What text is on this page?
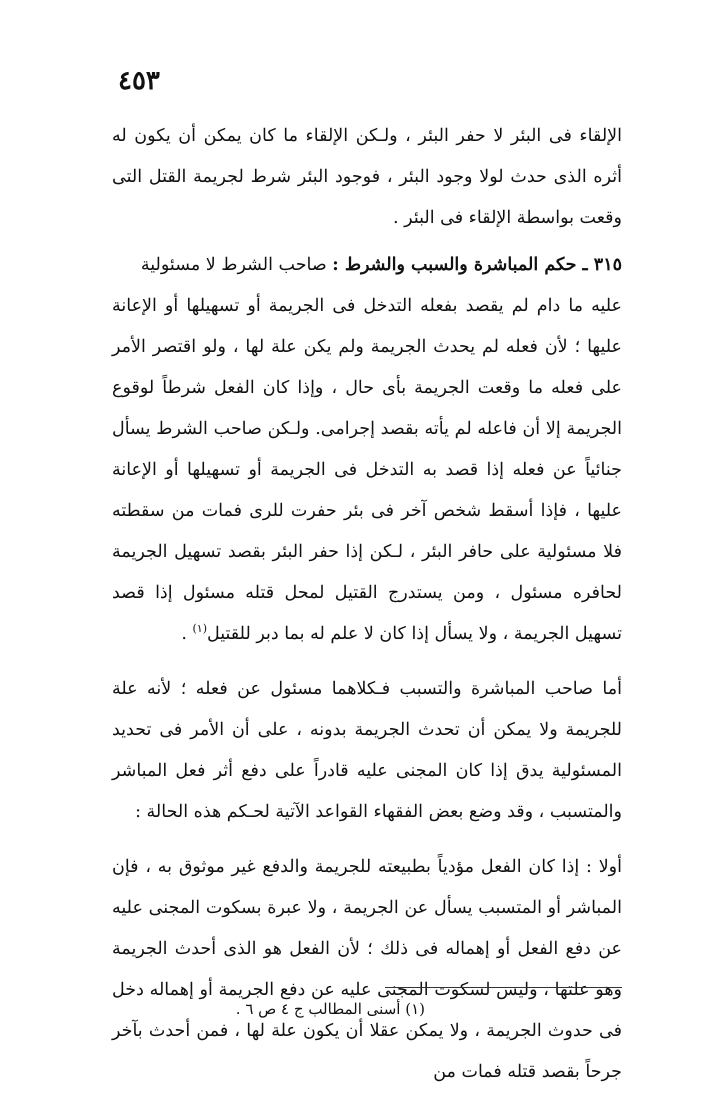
٤٥٣

الإلقاء فى البئر لا حفر البئر ، ولـكن الإلقاء ما كان يمكن أن يكون له أثره الذى حدث لولا وجود البئر ، فوجود البئر شرط لجريمة القتل التى وقعت بواسطة الإلقاء فى البئر .

٣١٥ ـ حكم المباشرة والسبب والشرط : صاحب الشرط لا مسئولية

عليه ما دام لم يقصد بفعله التدخل فى الجريمة أو تسهيلها أو الإعانة عليها ؛ لأن فعله لم يحدث الجريمة ولم يكن علة لها ، ولو اقتصر الأمر على فعله ما وقعت الجريمة بأى حال ، وإذا كان الفعل شرطاً لوقوع الجريمة إلا أن فاعله لم يأته بقصد إجرامى. ولـكن صاحب الشرط يسأل جنائياً عن فعله إذا قصد به التدخل فى الجريمة أو تسهيلها أو الإعانة عليها ، فإذا أسقط شخص آخر فى بئر حفرت للرى فمات من سقطته فلا مسئولية على حافر البئر ، لـكن إذا حفر البئر بقصد تسهيل الجريمة لحافره مسئول ، ومن يستدرج القتيل لمحل قتله مسئول إذا قصد تسهيل الجريمة ، ولا يسأل إذا كان لا علم له بما دبر للقتيل$^{(١)}$ .

أما صاحب المباشرة والتسبب فـكلاهما مسئول عن فعله ؛ لأنه علة للجريمة ولا يمكن أن تحدث الجريمة بدونه ، على أن الأمر فى تحديد المسئولية يدق إذا كان المجنى عليه قادراً على دفع أثر فعل المباشر والمتسبب ، وقد وضع بعض الفقهاء القواعد الآتية لحـكم هذه الحالة :

أولا : إذا كان الفعل مؤدياً بطبيعته للجريمة والدفع غير موثوق به ، فإن المباشر أو المتسبب يسأل عن الجريمة ، ولا عبرة بسكوت المجنى عليه عن دفع الفعل أو إهماله فى ذلك ؛ لأن الفعل هو الذى أحدث الجريمة وهو علتها ، وليس لسكوت المجنى عليه عن دفع الجريمة أو إهماله دخل فى حدوث الجريمة ، ولا يمكن عقلا أن يكون علة لها ، فمن أحدث بآخر جرحاً بقصد قتله فمات من

(١) أسنى المطالب ج ٤ ص ٦ .
